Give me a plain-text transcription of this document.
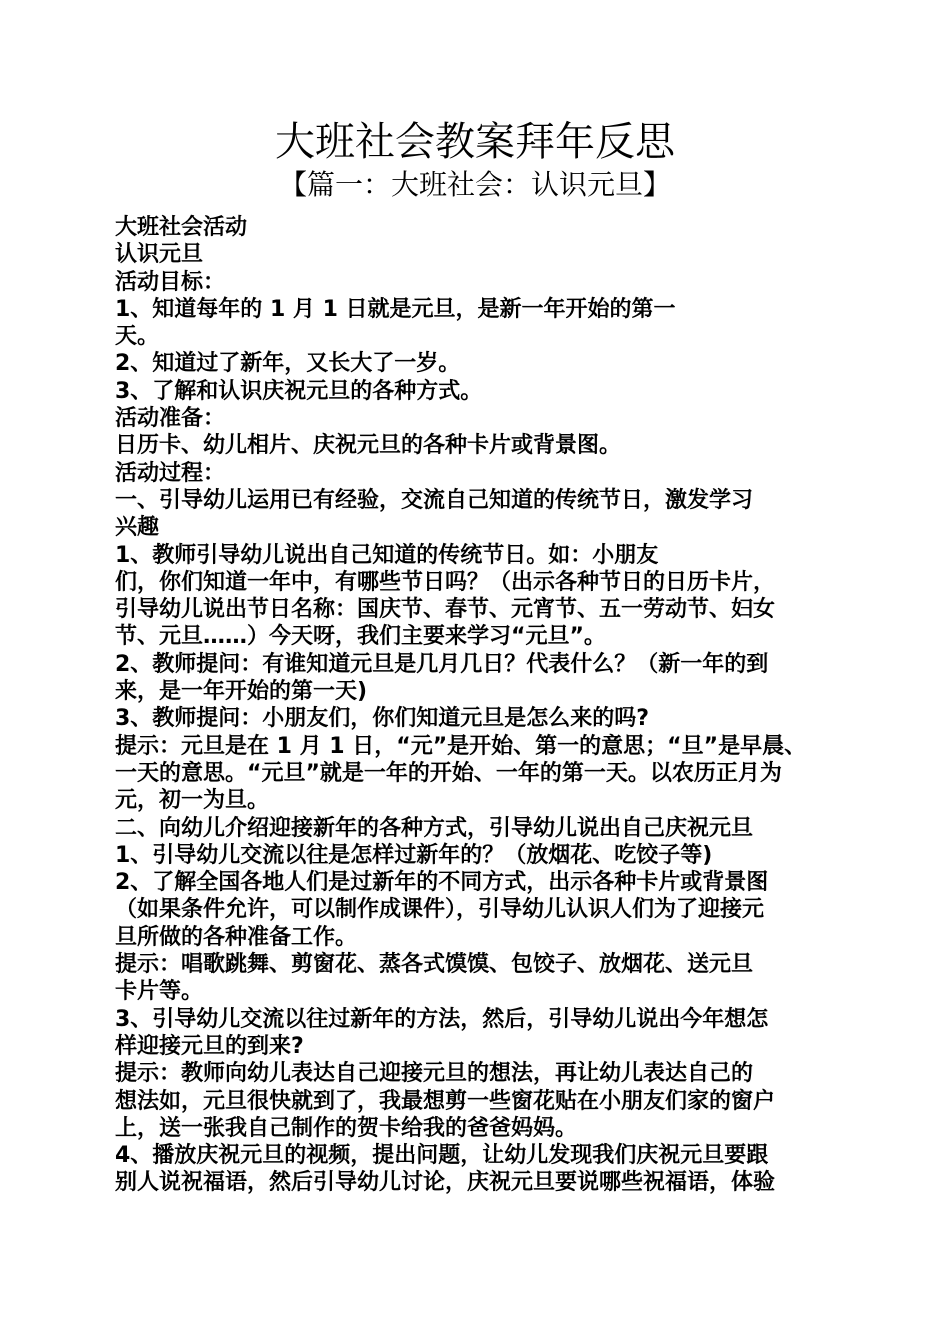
大班社会教案拜年反思
【篇一：大班社会：认识元旦】
大班社会活动
认识元旦
活动目标：
1、知道每年的 1 月 1 日就是元旦，是新一年开始的第一
天。
2、知道过了新年，又长大了一岁。
3、了解和认识庆祝元旦的各种方式。
活动准备：
日历卡、幼儿相片、庆祝元旦的各种卡片或背景图。
活动过程：
一、引导幼儿运用已有经验，交流自己知道的传统节日，激发学习
兴趣
1、教师引导幼儿说出自己知道的传统节日。如：小朋友
们，你们知道一年中，有哪些节日吗？（出示各种节日的日历卡片，
引导幼儿说出节日名称：国庆节、春节、元宵节、五一劳动节、妇女
节、元旦……）今天呀，我们主要来学习“元旦”。
2、教师提问：有谁知道元旦是几月几日？代表什么？（新一年的到
来，是一年开始的第一天)
3、教师提问：小朋友们，你们知道元旦是怎么来的吗?
提示：元旦是在 1 月 1 日，“元”是开始、第一的意思；“旦”是早晨、
一天的意思。“元旦”就是一年的开始、一年的第一天。以农历正月为
元，初一为旦。
二、向幼儿介绍迎接新年的各种方式，引导幼儿说出自己庆祝元旦
1、引导幼儿交流以往是怎样过新年的？（放烟花、吃饺子等)
2、了解全国各地人们是过新年的不同方式，出示各种卡片或背景图
（如果条件允许，可以制作成课件），引导幼儿认识人们为了迎接元
旦所做的各种准备工作。
提示：唱歌跳舞、剪窗花、蒸各式馍馍、包饺子、放烟花、送元旦
卡片等。
3、引导幼儿交流以往过新年的方法，然后，引导幼儿说出今年想怎
样迎接元旦的到来?
提示：教师向幼儿表达自己迎接元旦的想法，再让幼儿表达自己的
想法如，元旦很快就到了，我最想剪一些窗花贴在小朋友们家的窗户
上，送一张我自己制作的贺卡给我的爸爸妈妈。
4、播放庆祝元旦的视频，提出问题，让幼儿发现我们庆祝元旦要跟
别人说祝福语，然后引导幼儿讨论，庆祝元旦要说哪些祝福语，体验
